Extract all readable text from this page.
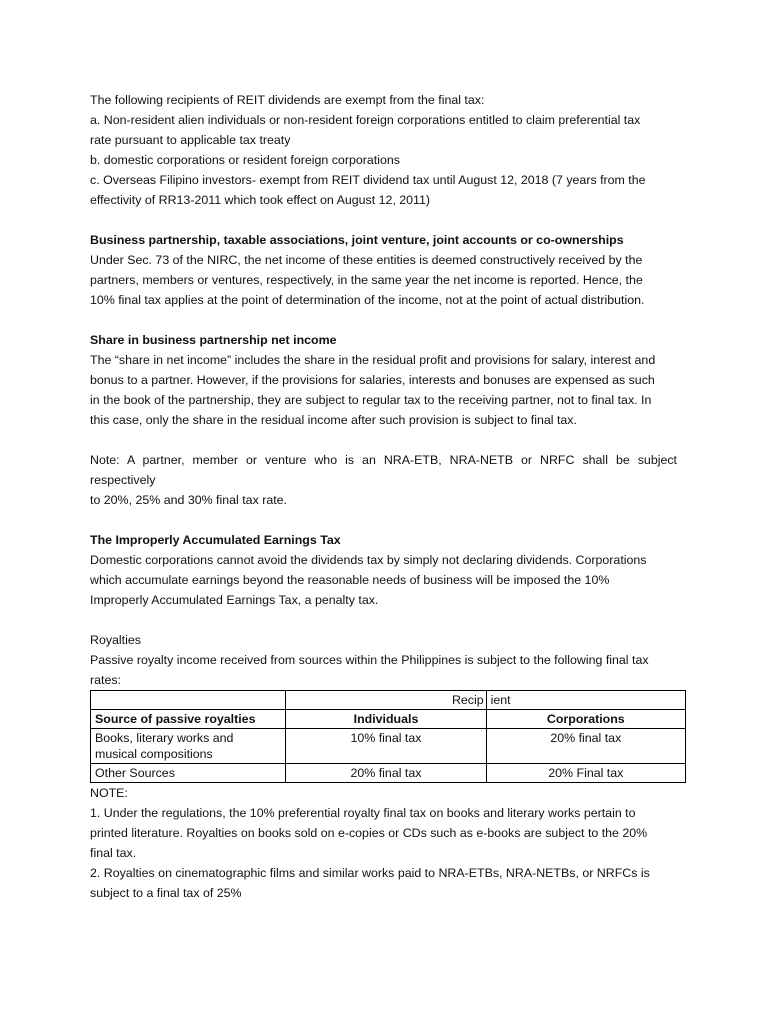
The following recipients of REIT dividends are exempt from the final tax:
a. Non-resident alien individuals or non-resident foreign corporations entitled to claim preferential tax
rate pursuant to applicable tax treaty
b. domestic corporations or resident foreign corporations
c. Overseas Filipino investors- exempt from REIT dividend tax until August 12, 2018 (7 years from the
effectivity of RR13-2011 which took effect on August 12, 2011)
Business partnership, taxable associations, joint venture, joint accounts or co-ownerships
Under Sec. 73 of the NIRC, the net income of these entities is deemed constructively received by the
partners, members or ventures, respectively, in the same year the net income is reported. Hence, the
10% final tax applies at the point of determination of the income, not at the point of actual distribution.
Share in business partnership net income
The “share in net income” includes the share in the residual profit and provisions for salary, interest and
bonus to a partner. However, if the provisions for salaries, interests and bonuses are expensed as such
in the book of the partnership, they are subject to regular tax to the receiving partner, not to final tax. In
this case, only the share in the residual income after such provision is subject to final tax.
Note: A partner, member or venture who is an NRA-ETB, NRA-NETB or NRFC shall be subject respectively
to 20%, 25% and 30% final tax rate.
The Improperly Accumulated Earnings Tax
Domestic corporations cannot avoid the dividends tax by simply not declaring dividends. Corporations
which accumulate earnings beyond the reasonable needs of business will be imposed the 10%
Improperly Accumulated Earnings Tax, a penalty tax.
Royalties
Passive royalty income received from sources within the Philippines is subject to the following final tax
rates:
	Recip	ient
Source of passive royalties	Individuals	Corporations

Books, literary works and
musical compositions	10% final tax	20% final tax
Other Sources	20% final tax	20% Final tax
NOTE:
1. Under the regulations, the 10% preferential royalty final tax on books and literary works pertain to
printed literature. Royalties on books sold on e-copies or CDs such as e-books are subject to the 20%
final tax.
2. Royalties on cinematographic films and similar works paid to NRA-ETBs, NRA-NETBs, or NRFCs is
subject to a final tax of 25%
